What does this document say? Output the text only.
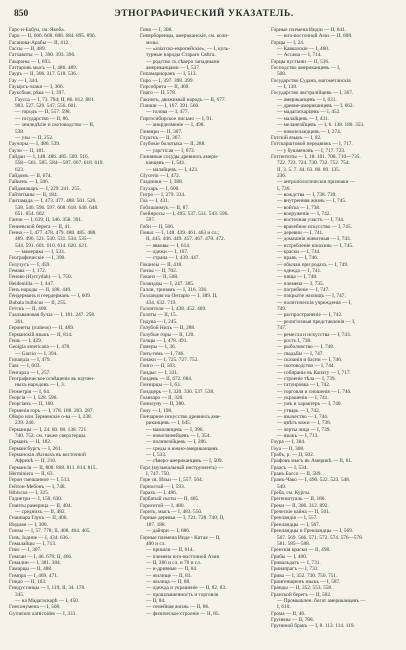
850	ЭТНОГРАФИЧЕСКИЙ УКАЗАТЕЛЬ.
Гарс-н-Бабуи, см. Якоба.
Гаро — II, 666. 668. 688. 684. 895. 896.
Гасанова-Арабы — II, 412.
Гассы — II, 489.
Гатхавиты — I, 390. 393. 396.
Гаыроны — I, 693.
Гаттаровъ мысъ — I, 486. 489.
Гауръ — II, 306. 317. 518. 536.
Гау — I, 344.
Гауырсъ-элаки — I, 366.
Гауксбыи, рѣка — I, 397.
Гаусса — I, 73. 794; II, 86. 812. 881.
983. 527. 529. 547. 556. 601.
— городъ — II, 557. 598.
— государство — II, 86.
— земледѣліе и скотоводство — II,
538.
— узы — II, 252.
Гаучоры — I, 486. 539.
Гауэи — II, 181.
Гайдаи — I, 148. 486. 485. 509. 516.
558—561. 585. 584—587. 607. 618. 619.
623.
Гайдомъ — II, 674.
Гайкенъ — I, 506.
Гайдамакаръ — I, 229. 241. 255.
Гайтитыны — II, 184.
Гаитамада — I, 473. 477. 488. 501. 526.
538. 540. 596. 597. 608. 618. 640. 648.
651. 654. 662.
Ганчи — I, 639; II, 346. 358. 391.
Гениевской берега — II, 41.
Генна — I, 477. 478. 479. 480. 485. 488.
489. 490. 521. 530. 531. 534. 535—
544. 591. 601. 610. 614. 620. 621.
— мамерика — I, 533.
Географическіе — I, 390.
Гелузусъ — I, 459.
Гемава — I, 172.
Геново (Hyrcydah) — I, 750.
Heidenliila — I, 447.
Генъ народы — II, 188. 440.
Гендерманъ и геердерманъ — I, 609.
Bubala bulbicus — II, 255.
Гетскъ — II, 408.
Гаальвановая булза — I, 181. 247. 258.
261.
Геронеты (rraheus) — II, 489.
Германскій языкъ — II, 814.
Гешь — I, 429.
Geoigia americana — I, 478.
— Garcio — I, 394.
Гипапдіа — I, 479.
Гаяс — I, 603.
Генгарха — I, 257.
Географическое освѣщеніе въ изучен-
ныхъ народовъ — I, 3.
Геометрія — I, 64.
Георгія — I, 528. 596.
Георгіанъ — II, 160.
Герменія горъ — I, 178. 188. 203. 287.
Ойоро или Терменскіе о-ва — I, 238.
239. 240.
Германцы — I, 24. 60. 68. 138. 721.
740. 752. см. также сверхгерцы.
Германъ — II, 182.
Германсбургъ — I, 261.
Германскія лѣсныхъ въ восточной
Африкѣ — II, 210.
Германсія — II, 808. 808. 811. 814. 815.
Herminiera — II, 63.
Герон смешанное — I, 513.
Гейтон-Мебонъ — I, 748.
Hibiscus — I, 325.
Гадиетри — I, 150. 630.
Гианты рамерица — II, 404.
— среднихъ — II, 482.
Гиаинара Гаукъ — II, 406.
Индиан — I, 308.
Гинзы — I, 57. 778; II, 408. 464. 465.
Гизъ, Іодине — I, 434. 636.
Гималайцы — I, 713.
Гиис — I, 307.
Гимлан — I, 46. 676; II, 466.
Гималин — I, 381. 384.
Гамарцы — II, 488.
Гимпра — I, 469. 471.
Гиндо — II, 163.
Гиндустанцы — I, 119; II, 34. 178.
345.
— на Мадагаскарѣ — I, 450.
Гинсонумена — I, 508.
Gyrneium oarticoides — I, 331.
Гина — I, 308.
Гипербореицы, американскіе, см. коли-
мозы.
— «азіатско-европейскіе», — I, куль-
турные народы Стараго Свѣта.
— родство съ сѣверо западными
американцами — I, 537.
Гипамариоранъ — I, 513.
Гиро — I, 397. 398. 399.
Гирсобрита — II, 469.
Гиаго — II, 578.
Гакингъ, движимый народъ — II, 677.
Гіанши — I, 167. 391. 560.
— голова — I, 477.
Гиргосибирское письмо — I, 91.
— анирдизменіе — I, 498.
Гливнри — II, 307.
Глукгкъ — II, 367.
Глубокіе болотыка — II, 288.
— уаргтісая — I, 673.
Глиняные сосуды древнихъ амери-
канцевъ — I, 541.
— малайцевъ — I, 423.
Glycerin — I, 472.
Гладники — I, 388.
Глухарь — I, 600.
Гнгро — I, 279. 334.
Гоа — I, 431.
Гоблшанмуъ — II, 87.
Гоейнросы — I, 495. 537. 531. 543. 596.
597.
Гоби — II, 506.
Гоныс — I, 148. 439. 461. 463 и сл.;
II, 445. 446. 449. 457. 467. 470. 472.
— явковы — I, 614.
— одежи — I, 167.
— страна — I, 439. 447.
Гоканоы — II, 418.
Гонзы — II, 702.
Гоканз — II, 508.
Голандцы — I, 247. 385.
Галли, тринамъ — I, 316. 336.
Голландия на Онтаріо — I, 389. II,
434. 632. 719.
Голонтоли — I, 438. 452. 469.
Голоты — II, 15.
Гидува — I, 245.
Голубой Нилъ — II, 288.
Голубые горы — II, 120.
Голщы — I, 478. 491.
Гомеры — I, 36.
Гонъ-гомь — I, 746.
Гонаки — I, 725. 727. 752.
Гонго — II, 503.
Гондыс — I, 331.
Гондевъ — II, 672. 684.
Гонзирцы — I, 63.
Гондцерь — I, 320. 336. 537. 538.
Гоанзаро — II, 320.
Гонилуну — II, 380.
Гону — I, 198.
Гончарное искусство древнихъ аме-
риканцевъ — I, 645.
— мамалянцевъ — I, 396.
— новогвинейцевъ — I, 354.
— полинезійцевъ — I, 286.
— среды и южно-американцевъ
— I, 533.
— сѣверо-американцевъ — I, 509.
Горл (музыкальный инструментъ) —
I, 747. 750.
Горе св. Ильи — I, 557. 564.
Горностай — I, 593.
Горахъ — I, 486.
Горбатый скоты — II, 405.
Горисетой — I, 480.
Горить, мысъ — I, 483. 550.
Горные деревья — I, 721. 728. 740; II,
187. 188.
— дайчри — I, 686.
Горные племена Инде - Китая — II,
400 и сл.
— пришли — II, 614.
— племена юго-восточной Азии
— II, 386 и сл. и 70 и сл.
— и-дривные — II, 84.
— жилище — II, 83.
— жилица — II, 88.
— одежда и украшеніе — II, 82. 83.
— прошлышенность и торговля
— II, 84.
— семейная жизнь — II, 86.
— физическое строеніе — II, 85.
Горные племена Индіи — II, 641.
— юго-восточной Азіи — II, 608.
Горцы — I, 24.
— Кавказскіе — I, 460.
— Ассама — I, 714.
Горцы пустыни — II, 516.
Господство американцевъ — I,
508.
Государство Судана, магометанскія
— I, 138.
Государство австралійцевъ — I, 367.
— американцевъ — I, 631.
— древне-американцевъ — I, 662.
— мадагаскарцевъ — I, 452.
— малайцевъ — I, 431.
— меланезійцевъ — I, 6. 138. 180. 353.
— новозеландцевъ — I, 274.
Готскій языкъ — I, 82.
Готскарштовой передвижъ — I, 717.
— у бушменовъ — I, 717. 723.
Готтентоты — I, 18. 101. 708. 710—735.
722. 723. 724. 730. 732. 752. 754.
II, 3. 5. 7. 44. 63. 80. 89. 135.
236.
— антропологическія признаки —
I, 736.
— вождства — I, 738. 739.
— внутренняя жизнь — I, 745.
— войска — I, 738.
— вооруженіе — I, 742.
— восточная участъ — I, 744.
— врачебное искусство — I, 745.
— деревни — I, 741.
— домашнія животныя — I, 743.
— истребленіе кінахинь — I, 745.
— краски — I, 744.
— нравъ — I, 746.
— обычаи при родахъ — I, 749.
— одежда — I, 741.
— пища — I, 748.
— племена — I, 735.
— погребеніе — I, 747.
— покрытіе жилищъ — I, 747.
— политическія учрежденія — I,
749.
— распространеніе — I, 742.
— религіозныя представленія — I,
747.
— ремесла и искусства — I, 743.
— ростъ I, 738.
— рыболовство — I, 748.
— свадьбы — I, 747.
— сказанія и басни — I, 746.
— скотоводство — I, 744.
— собираніе въ Капату — I, 717.
— строеніе тѣла — I, 739.
— татуировка — I, 742.
— торговля и сношенія — I, 746.
— украшенія — I, 741.
— умъ и характеръ — I, 740.
— утварь — I, 742.
— язычество — I, 744.
— цвѣтъ кожи — I, 738.
— черты лица — I, 739.
— языкъ — I, 713.
Гоура — I, 384.
Гоуа — II, 308.
Грабъ, р. — II, 502.
Графовъ мысъ въ Америкѣ — II, 61.
Граасъ — I, 534.
Гранъ Бассо — II, 589.
Гранъ-Чако — I, 490. 522. 523. 548.
549.
Греба, см. Кургы.
Грегенштуаль — II, 180.
Греки — II, 306. 312. 892.
Греческіе кайна — II, 501.
Гренландія — I, 557.
Гренландцы — I, 567.
Гренландцы и Гренландцы — I, 569.
567. 569. 566. 571. 572. 574. 576—578.
581. 585—588.
Гренскія краски — II, 498.
Грибы — I, 400.
Гривальдатъ — I, 731.
Гринапрагъ — I, 731.
Грива — I, 352. 730. 750. 751.
Грингенщиенъ языкъ — I, 587.
Гранды — II, 352. 553. 558.
Гранской берегъ — II, 502.
— Промышлен. богат американцевъ —
I, 610.
Грома — II, 46.
Грунены — II, 788.
Груниной бракъ — I, 8. 113. 114. 119.
